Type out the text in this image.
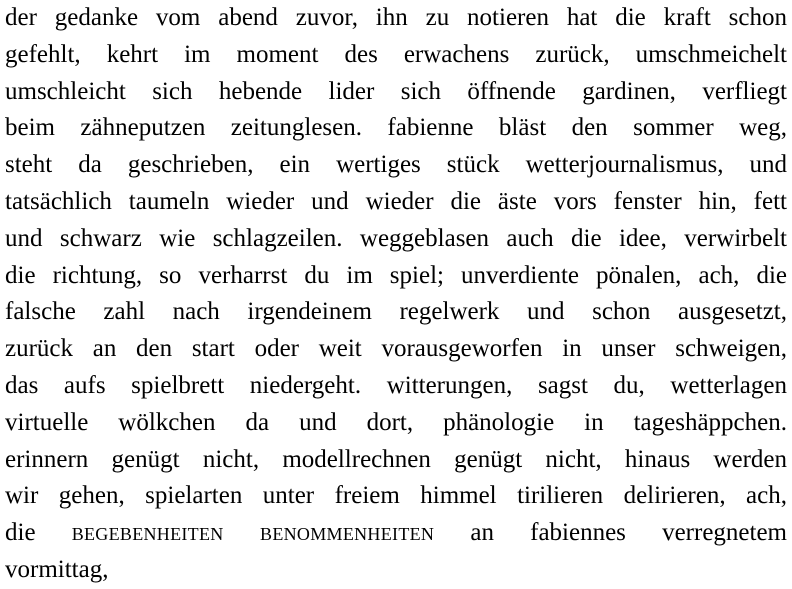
der gedanke vom abend zuvor, ihn zu notieren hat die kraft schon
gefehlt, kehrt im moment des erwachens zurück, umschmeichelt
umschleicht sich hebende lider sich öffnende gardinen, verfliegt
beim zähneputzen zeitunglesen. fabienne bläst den sommer weg,
steht da geschrieben, ein wertiges stück wetterjournalismus, und
tatsächlich taumeln wieder und wieder die äste vors fenster hin, fett
und schwarz wie schlagzeilen. weggeblasen auch die idee, verwirbelt
die richtung, so verharrst du im spiel; unverdiente pönalen, ach, die
falsche zahl nach irgendeinem regelwerk und schon ausgesetzt,
zurück an den start oder weit vorausgeworfen in unser schweigen,
das aufs spielbrett niedergeht. witterungen, sagst du, wetterlagen
virtuelle wölkchen da und dort, phänologie in tageshäppchen.
erinnern genügt nicht, modellrechnen genügt nicht, hinaus werden
wir gehen, spielarten unter freiem himmel tirilieren delirieren, ach,
die begebenheiten benommenheiten an fabiennes verregnetem
vormittag,
